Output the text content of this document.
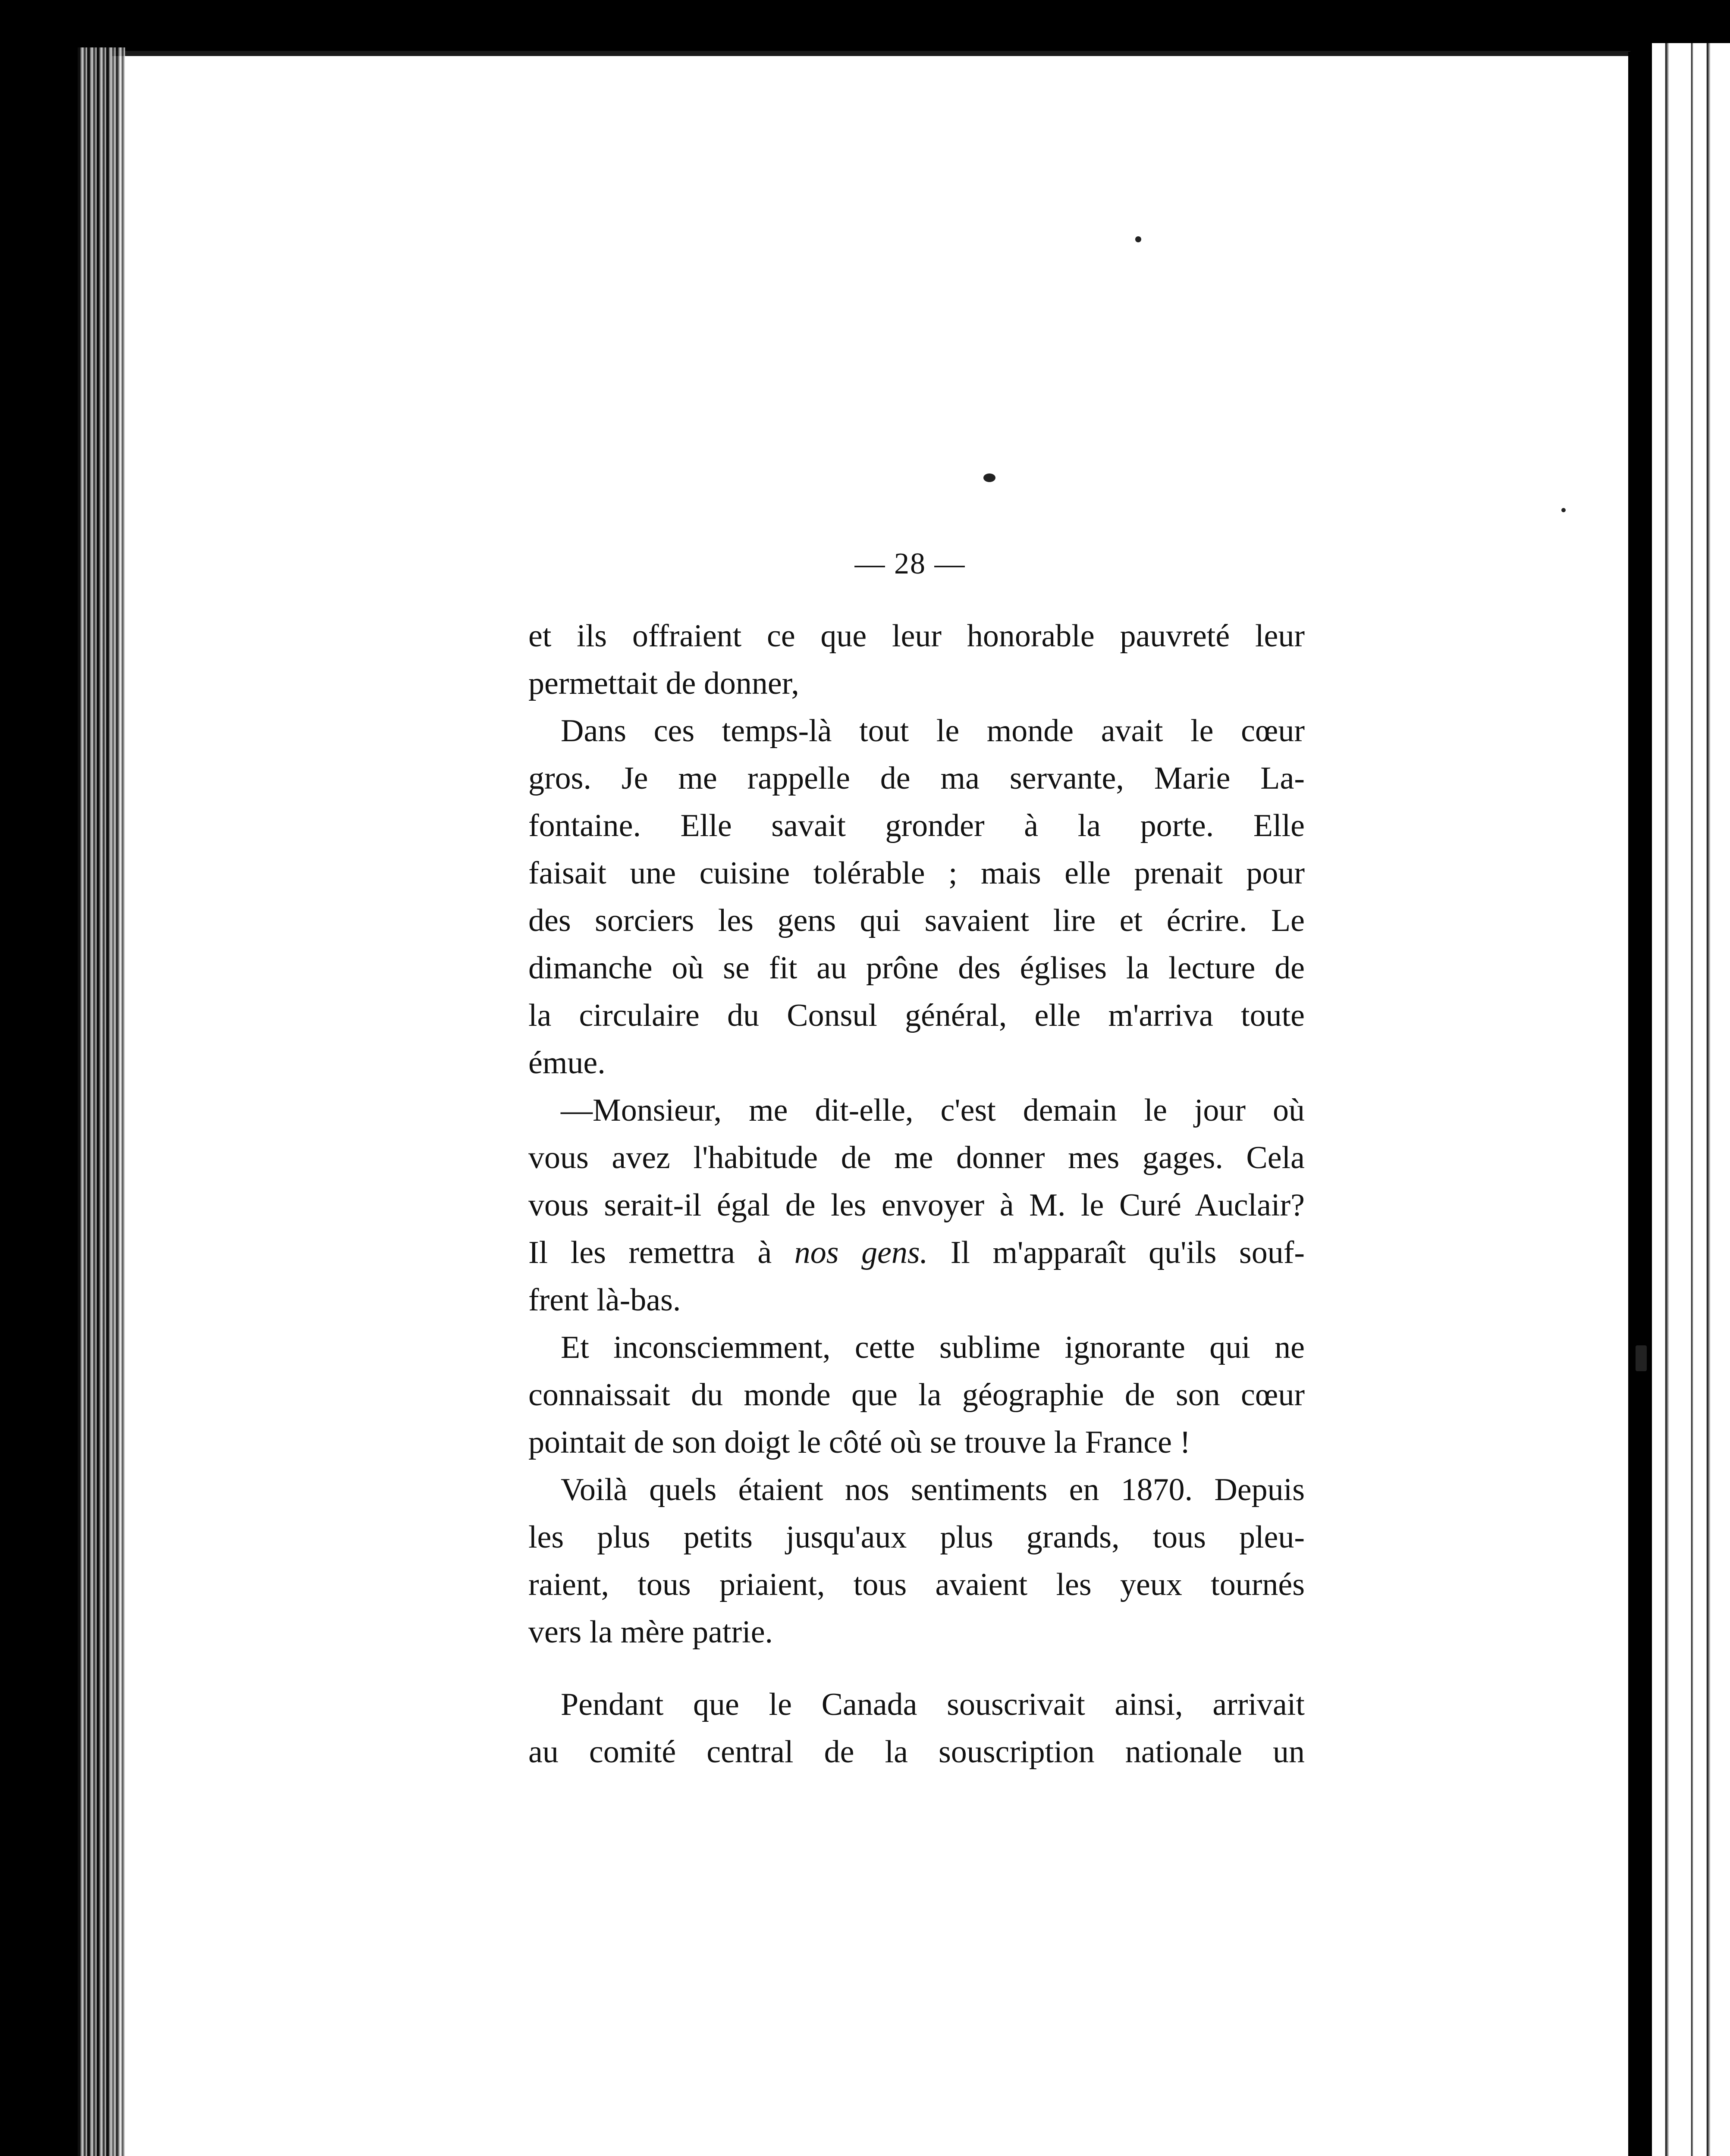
— 28 —

et ils offraient ce que leur honorable pauvreté leur
permettait de donner,

Dans ces temps-là tout le monde avait le cœur
gros. Je me rappelle de ma servante, Marie La-
fontaine. Elle savait gronder à la porte. Elle
faisait une cuisine tolérable ; mais elle prenait pour
des sorciers les gens qui savaient lire et écrire. Le
dimanche où se fit au prône des églises la lecture de
la circulaire du Consul général, elle m'arriva toute
émue.

—Monsieur, me dit-elle, c'est demain le jour où
vous avez l'habitude de me donner mes gages. Cela
vous serait-il égal de les envoyer à M. le Curé Auclair?
Il les remettra à nos gens. Il m'apparaît qu'ils souf-
frent là-bas.

Et inconsciemment, cette sublime ignorante qui ne
connaissait du monde que la géographie de son cœur
pointait de son doigt le côté où se trouve la France !

Voilà quels étaient nos sentiments en 1870. Depuis
les plus petits jusqu'aux plus grands, tous pleu-
raient, tous priaient, tous avaient les yeux tournés
vers la mère patrie.

Pendant que le Canada souscrivait ainsi, arrivait
au comité central de la souscription nationale un
